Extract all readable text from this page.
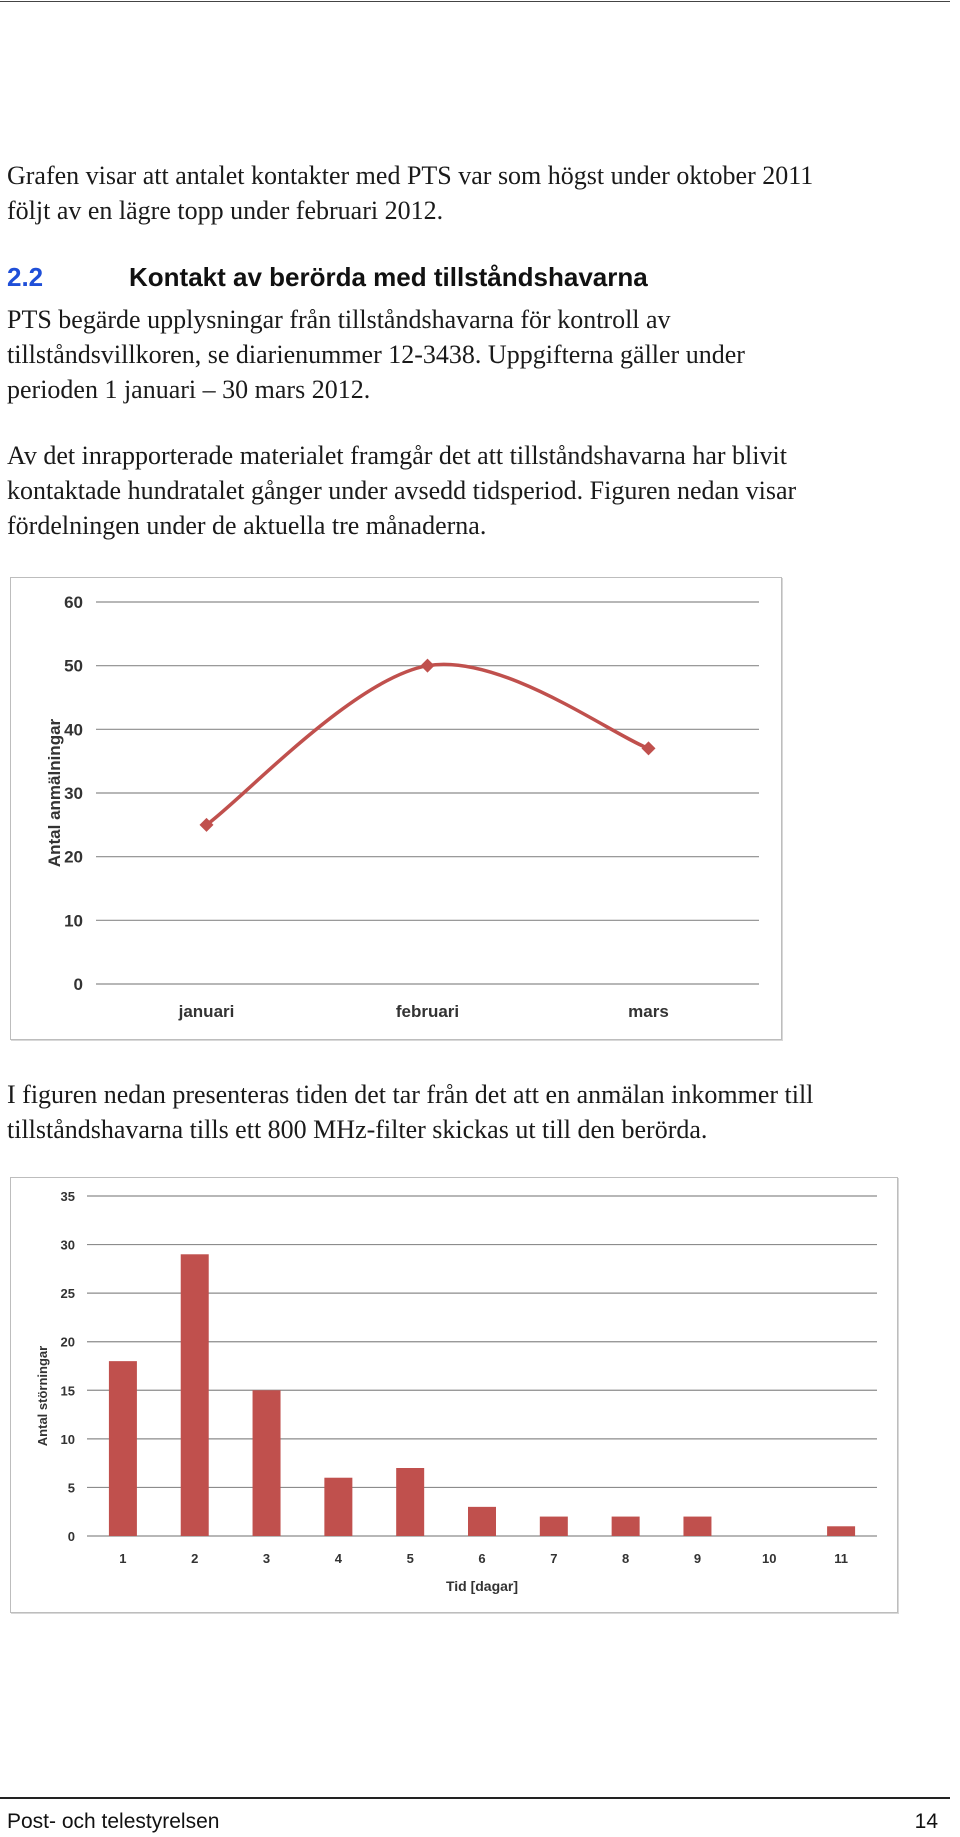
Grafen visar att antalet kontakter med PTS var som högst under oktober 2011
följt av en lägre topp under februari 2012.

2.2	Kontakt av berörda med tillståndshavarna

PTS begärde upplysningar från tillståndshavarna för kontroll av
tillståndsvillkoren, se diarienummer 12-3438. Uppgifterna gäller under
perioden 1 januari – 30 mars 2012.

Av det inrapporterade materialet framgår det att tillståndshavarna har blivit
kontaktade hundratalet gånger under avsedd tidsperiod. Figuren nedan visar
fördelningen under de aktuella tre månaderna.

0
10
20
30
40
50
60
januari	februari	mars
Antal anmälningar

I figuren nedan presenteras tiden det tar från det att en anmälan inkommer till
tillståndshavarna tills ett 800 MHz-filter skickas ut till den berörda.

0
5
10
15
20
25
30
35
1	2	3	4	5	6	7	8	9	10	11
Tid [dagar]
Antal störningar
Post- och telestyrelsen	14
